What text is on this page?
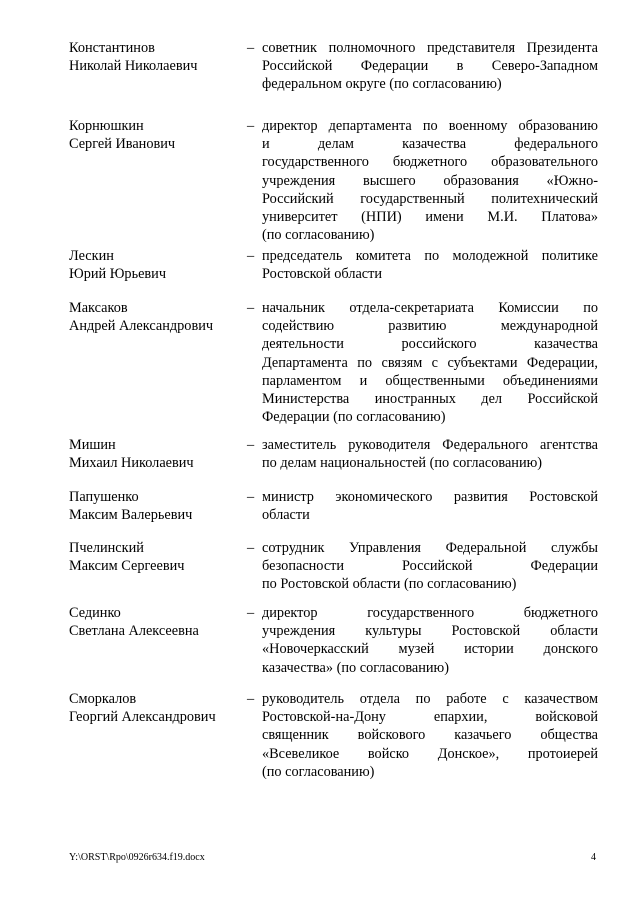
Константинов
Николай Николаевич
– советник полномочного представителя Президента
Российской Федерации в Северо-Западном
федеральном округе (по согласованию)
Корнюшкин
Сергей Иванович
– директор департамента по военному образованию
и делам казачества федерального
государственного бюджетного образовательного
учреждения высшего образования «Южно-
Российский государственный политехнический
университет (НПИ) имени М.И. Платова»
(по согласованию)
Лескин
Юрий Юрьевич
– председатель комитета по молодежной политике
Ростовской области
Максаков
Андрей Александрович
– начальник отдела-секретариата Комиссии по
содействию развитию международной
деятельности российского казачества
Департамента по связям с субъектами Федерации,
парламентом и общественными объединениями
Министерства иностранных дел Российской
Федерации (по согласованию)
Мишин
Михаил Николаевич
– заместитель руководителя Федерального агентства
по делам национальностей (по согласованию)
Папушенко
Максим Валерьевич
– министр экономического развития Ростовской
области
Пчелинский
Максим Сергеевич
– сотрудник Управления Федеральной службы
безопасности Российской Федерации
по Ростовской области (по согласованию)
Сединко
Светлана Алексеевна
– директор государственного бюджетного
учреждения культуры Ростовской области
«Новочеркасский музей истории донского
казачества» (по согласованию)
Сморкалов
Георгий Александрович
– руководитель отдела по работе с казачеством
Ростовской-на-Дону епархии, войсковой
священник войскового казачьего общества
«Всевеликое войско Донское», протоиерей
(по согласованию)
Y:\ORST\Rpo\0926r634.f19.docx	4
